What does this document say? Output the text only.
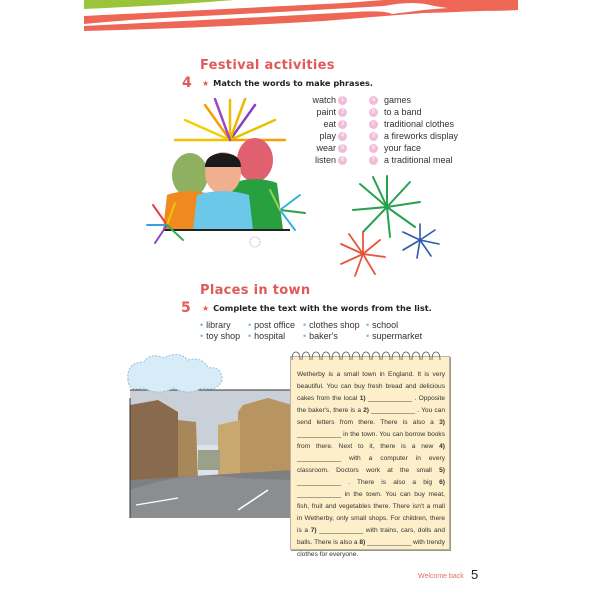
Festival activities
4 ★ Match the words to make phrases.
watch
paint
eat
play
wear
listen
1
2
3
4
5
6
a
b
c
d
e
f
games
to a band
traditional clothes
a fireworks display
your face
a traditional meal
Places in town
5 ★ Complete the text with the words from the list.
• library • post office • clothes shop • school
• toy shop • hospital • baker's	• supermarket
Wetherby is a small town in England. It is very beautiful. You can buy fresh bread and delicious cakes from the local 1) ____________ . Opposite the baker's, there is a 2) ____________ . You can send letters from there. There is also a 3) ____________ in the town. You can borrow books from there. Next to it, there is a new 4) ____________ with a computer in every classroom. Doctors work at the small 5) ____________ . There is also a big 6) ____________ in the town. You can buy meat, fish, fruit and vegetables there. There isn't a mall in Wetherby, only small shops. For children, there is a 7) ____________ with trains, cars, dolls and balls. There is also a 8) ____________ with trendy clothes for everyone.
Welcome back 5
